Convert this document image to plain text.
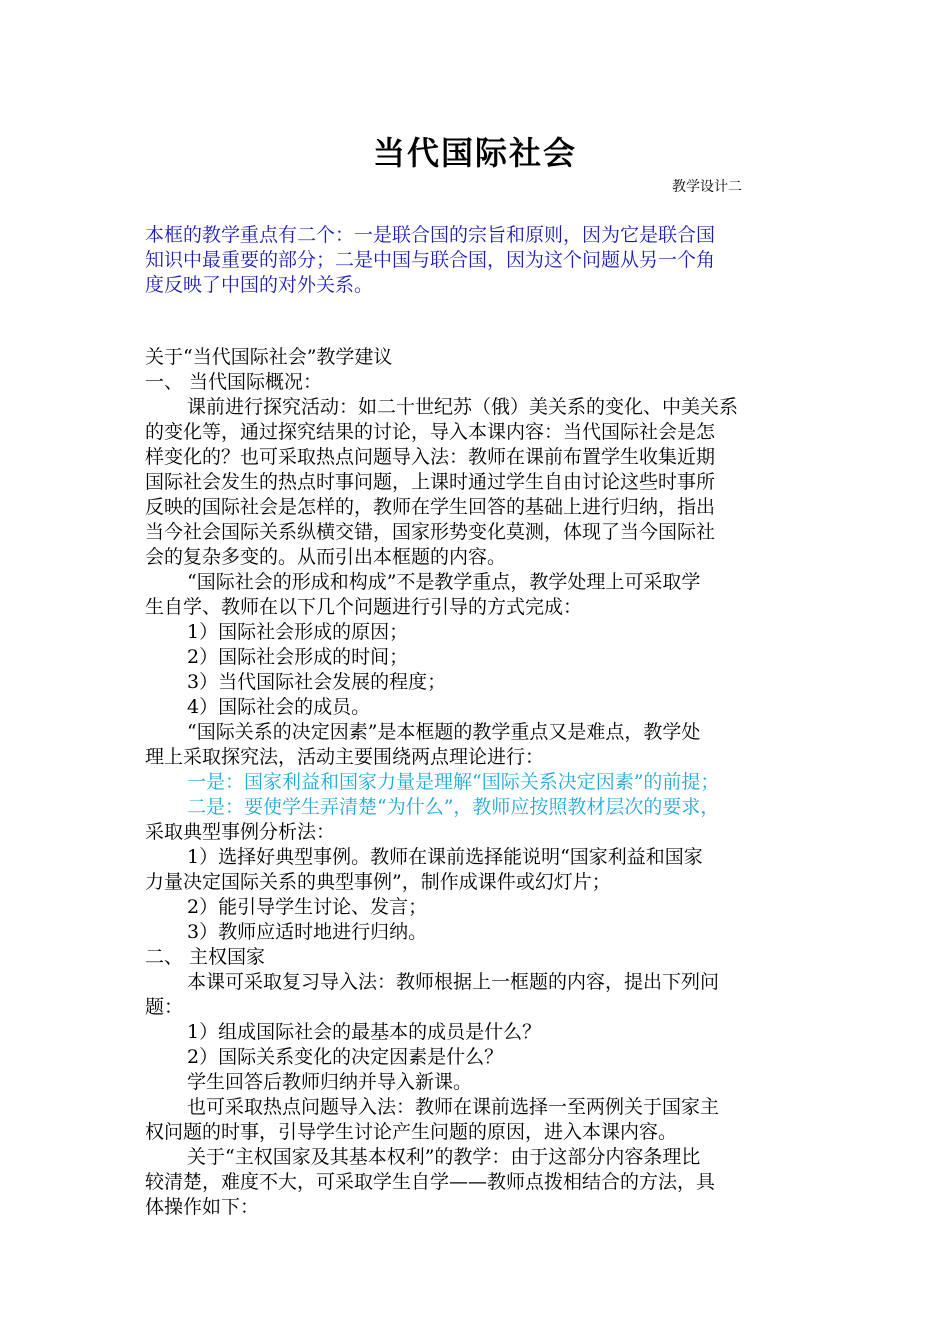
当代国际社会
教学设计二
本框的教学重点有二个：一是联合国的宗旨和原则，因为它是联合国
知识中最重要的部分；二是中国与联合国，因为这个问题从另一个角
度反映了中国的对外关系。
关于“当代国际社会”教学建议
一、 当代国际概况：
课前进行探究活动：如二十世纪苏（俄）美关系的变化、中美关系
的变化等，通过探究结果的讨论，导入本课内容：当代国际社会是怎
样变化的？也可采取热点问题导入法：教师在课前布置学生收集近期
国际社会发生的热点时事问题，上课时通过学生自由讨论这些时事所
反映的国际社会是怎样的，教师在学生回答的基础上进行归纳，指出
当今社会国际关系纵横交错，国家形势变化莫测，体现了当今国际社
会的复杂多变的。从而引出本框题的内容。
“国际社会的形成和构成”不是教学重点，教学处理上可采取学
生自学、教师在以下几个问题进行引导的方式完成：
1）国际社会形成的原因；
2）国际社会形成的时间；
3）当代国际社会发展的程度；
4）国际社会的成员。
“国际关系的决定因素”是本框题的教学重点又是难点，教学处
理上采取探究法，活动主要围绕两点理论进行：
一是：国家利益和国家力量是理解“国际关系决定因素”的前提；
二是：要使学生弄清楚“为什么”，教师应按照教材层次的要求，
采取典型事例分析法：
1）选择好典型事例。教师在课前选择能说明“国家利益和国家
力量决定国际关系的典型事例”，制作成课件或幻灯片；
2）能引导学生讨论、发言；
3）教师应适时地进行归纳。
二、 主权国家
本课可采取复习导入法：教师根据上一框题的内容，提出下列问
题：
1）组成国际社会的最基本的成员是什么？
2）国际关系变化的决定因素是什么？
学生回答后教师归纳并导入新课。
也可采取热点问题导入法：教师在课前选择一至两例关于国家主
权问题的时事，引导学生讨论产生问题的原因，进入本课内容。
关于“主权国家及其基本权利”的教学：由于这部分内容条理比
较清楚，难度不大，可采取学生自学——教师点拨相结合的方法，具
体操作如下：
